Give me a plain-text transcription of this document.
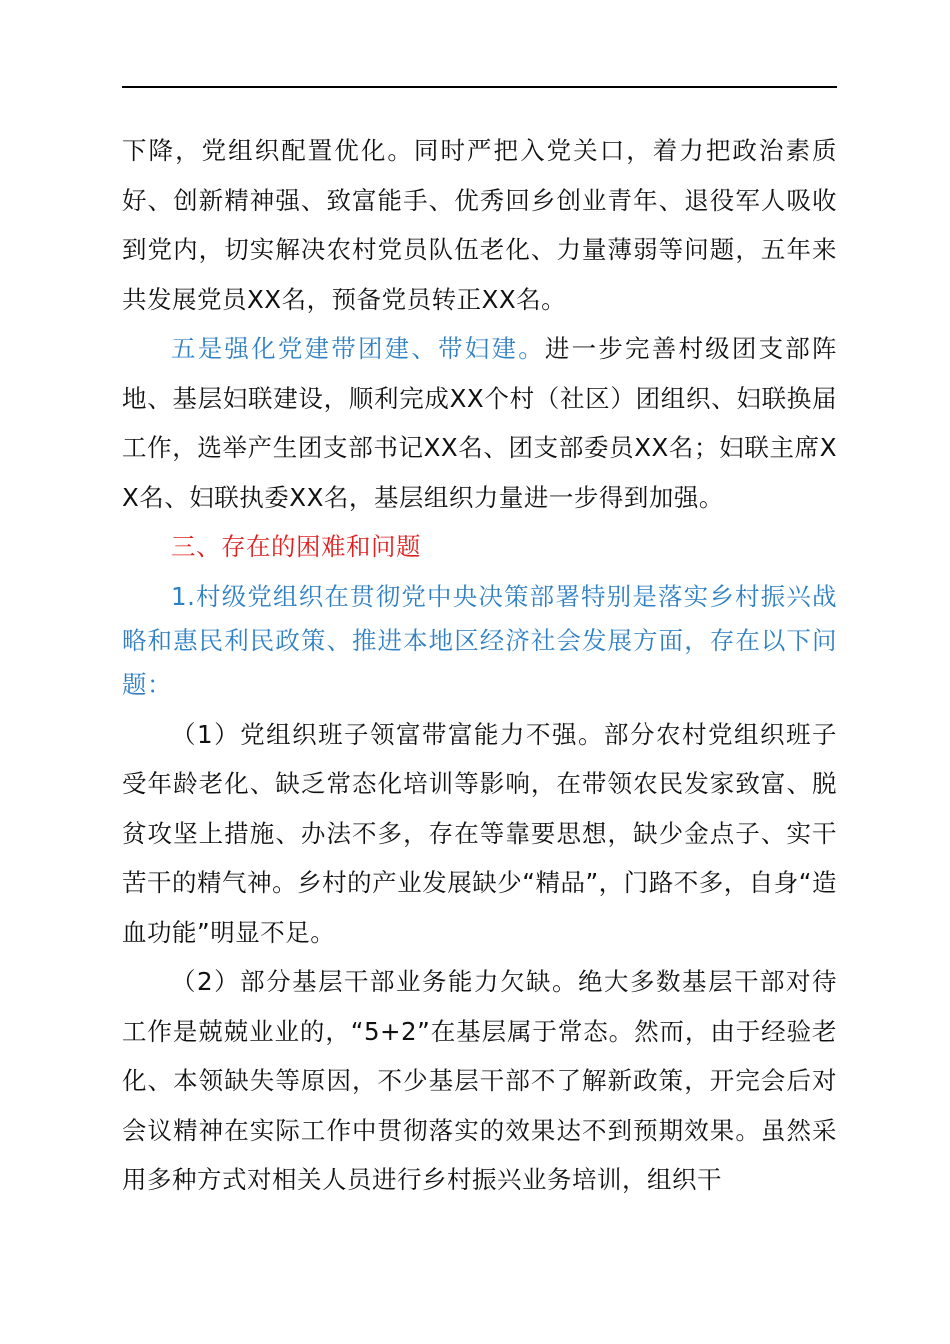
下降，党组织配置优化。同时严把入党关口，着力把政治素质好、创新精神强、致富能手、优秀回乡创业青年、退役军人吸收到党内，切实解决农村党员队伍老化、力量薄弱等问题，五年来共发展党员XX名，预备党员转正XX名。

五是强化党建带团建、带妇建。进一步完善村级团支部阵地、基层妇联建设，顺利完成XX个村（社区）团组织、妇联换届工作，选举产生团支部书记XX名、团支部委员XX名；妇联主席XX名、妇联执委XX名，基层组织力量进一步得到加强。

三、存在的困难和问题

1.村级党组织在贯彻党中央决策部署特别是落实乡村振兴战略和惠民利民政策、推进本地区经济社会发展方面，存在以下问题：

（1）党组织班子领富带富能力不强。部分农村党组织班子受年龄老化、缺乏常态化培训等影响，在带领农民发家致富、脱贫攻坚上措施、办法不多，存在等靠要思想，缺少金点子、实干苦干的精气神。乡村的产业发展缺少“精品”，门路不多，自身“造血功能”明显不足。

（2）部分基层干部业务能力欠缺。绝大多数基层干部对待工作是兢兢业业的，“5+2”在基层属于常态。然而，由于经验老化、本领缺失等原因，不少基层干部不了解新政策，开完会后对会议精神在实际工作中贯彻落实的效果达不到预期效果。虽然采用多种方式对相关人员进行乡村振兴业务培训，组织干
